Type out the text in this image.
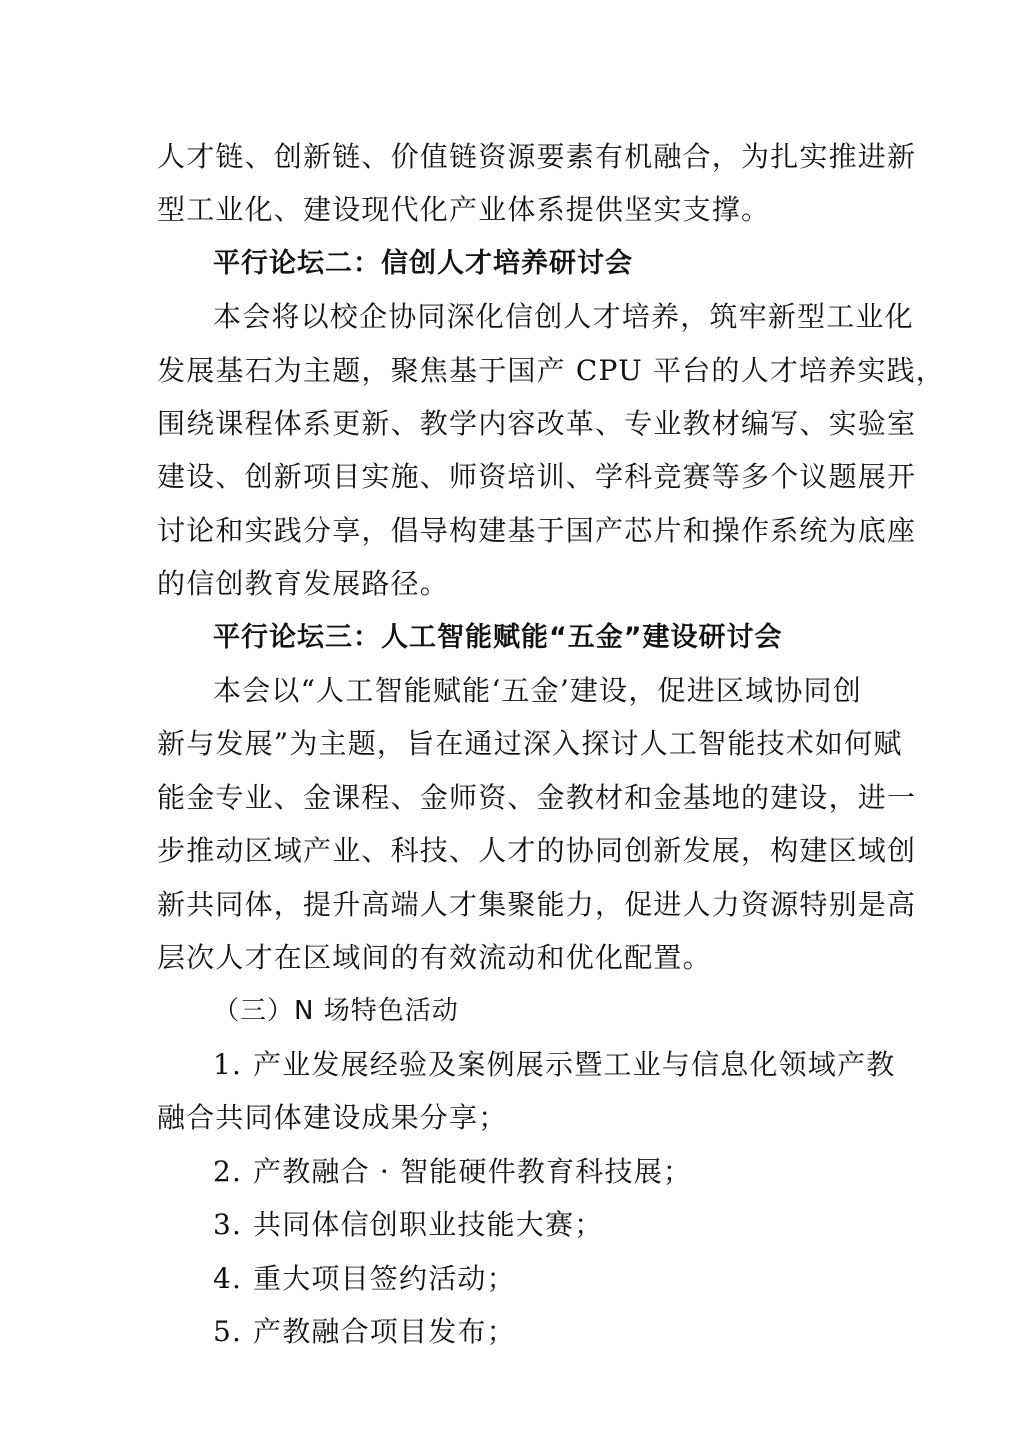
人才链、创新链、价值链资源要素有机融合，为扎实推进新
型工业化、建设现代化产业体系提供坚实支撑。

平行论坛二：信创人才培养研讨会

本会将以校企协同深化信创人才培养，筑牢新型工业化
发展基石为主题，聚焦基于国产 CPU 平台的人才培养实践，
围绕课程体系更新、教学内容改革、专业教材编写、实验室
建设、创新项目实施、师资培训、学科竞赛等多个议题展开
讨论和实践分享，倡导构建基于国产芯片和操作系统为底座
的信创教育发展路径。

平行论坛三：人工智能赋能“五金”建设研讨会

本会以“人工智能赋能‘五金’建设，促进区域协同创
新与发展”为主题，旨在通过深入探讨人工智能技术如何赋
能金专业、金课程、金师资、金教材和金基地的建设，进一
步推动区域产业、科技、人才的协同创新发展，构建区域创
新共同体，提升高端人才集聚能力，促进人力资源特别是高
层次人才在区域间的有效流动和优化配置。

（三）N 场特色活动

1. 产业发展经验及案例展示暨工业与信息化领域产教
融合共同体建设成果分享；

2. 产教融合 · 智能硬件教育科技展；

3. 共同体信创职业技能大赛；

4. 重大项目签约活动；

5. 产教融合项目发布；
